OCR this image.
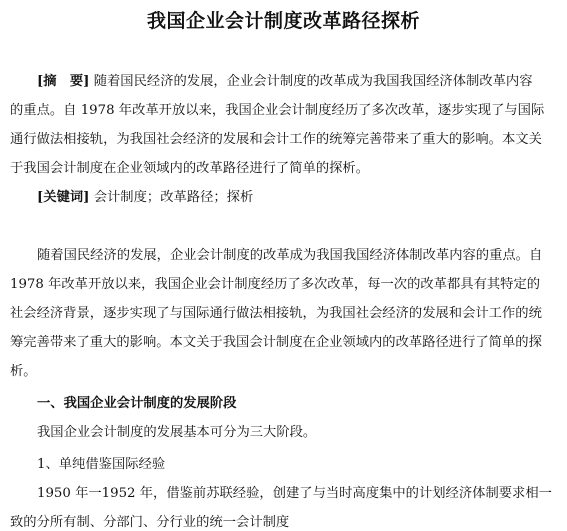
我国企业会计制度改革路径探析
[摘　要] 随着国民经济的发展，企业会计制度的改革成为我国我国经济体制改革内容
的重点。自 1978 年改革开放以来，我国企业会计制度经历了多次改革，逐步实现了与国际
通行做法相接轨，为我国社会经济的发展和会计工作的统筹完善带来了重大的影响。本文关
于我国会计制度在企业领域内的改革路径进行了简单的探析。
[关键词] 会计制度；改革路径；探析
随着国民经济的发展，企业会计制度的改革成为我国我国经济体制改革内容的重点。自
1978 年改革开放以来，我国企业会计制度经历了多次改革，每一次的改革都具有其特定的
社会经济背景，逐步实现了与国际通行做法相接轨，为我国社会经济的发展和会计工作的统
筹完善带来了重大的影响。本文关于我国会计制度在企业领域内的改革路径进行了简单的探
析。
一、我国企业会计制度的发展阶段
我国企业会计制度的发展基本可分为三大阶段。
1、单纯借鉴国际经验
1950 年一1952 年，借鉴前苏联经验，创建了与当时高度集中的计划经济体制要求相一
致的分所有制、分部门、分行业的统一会计制度
